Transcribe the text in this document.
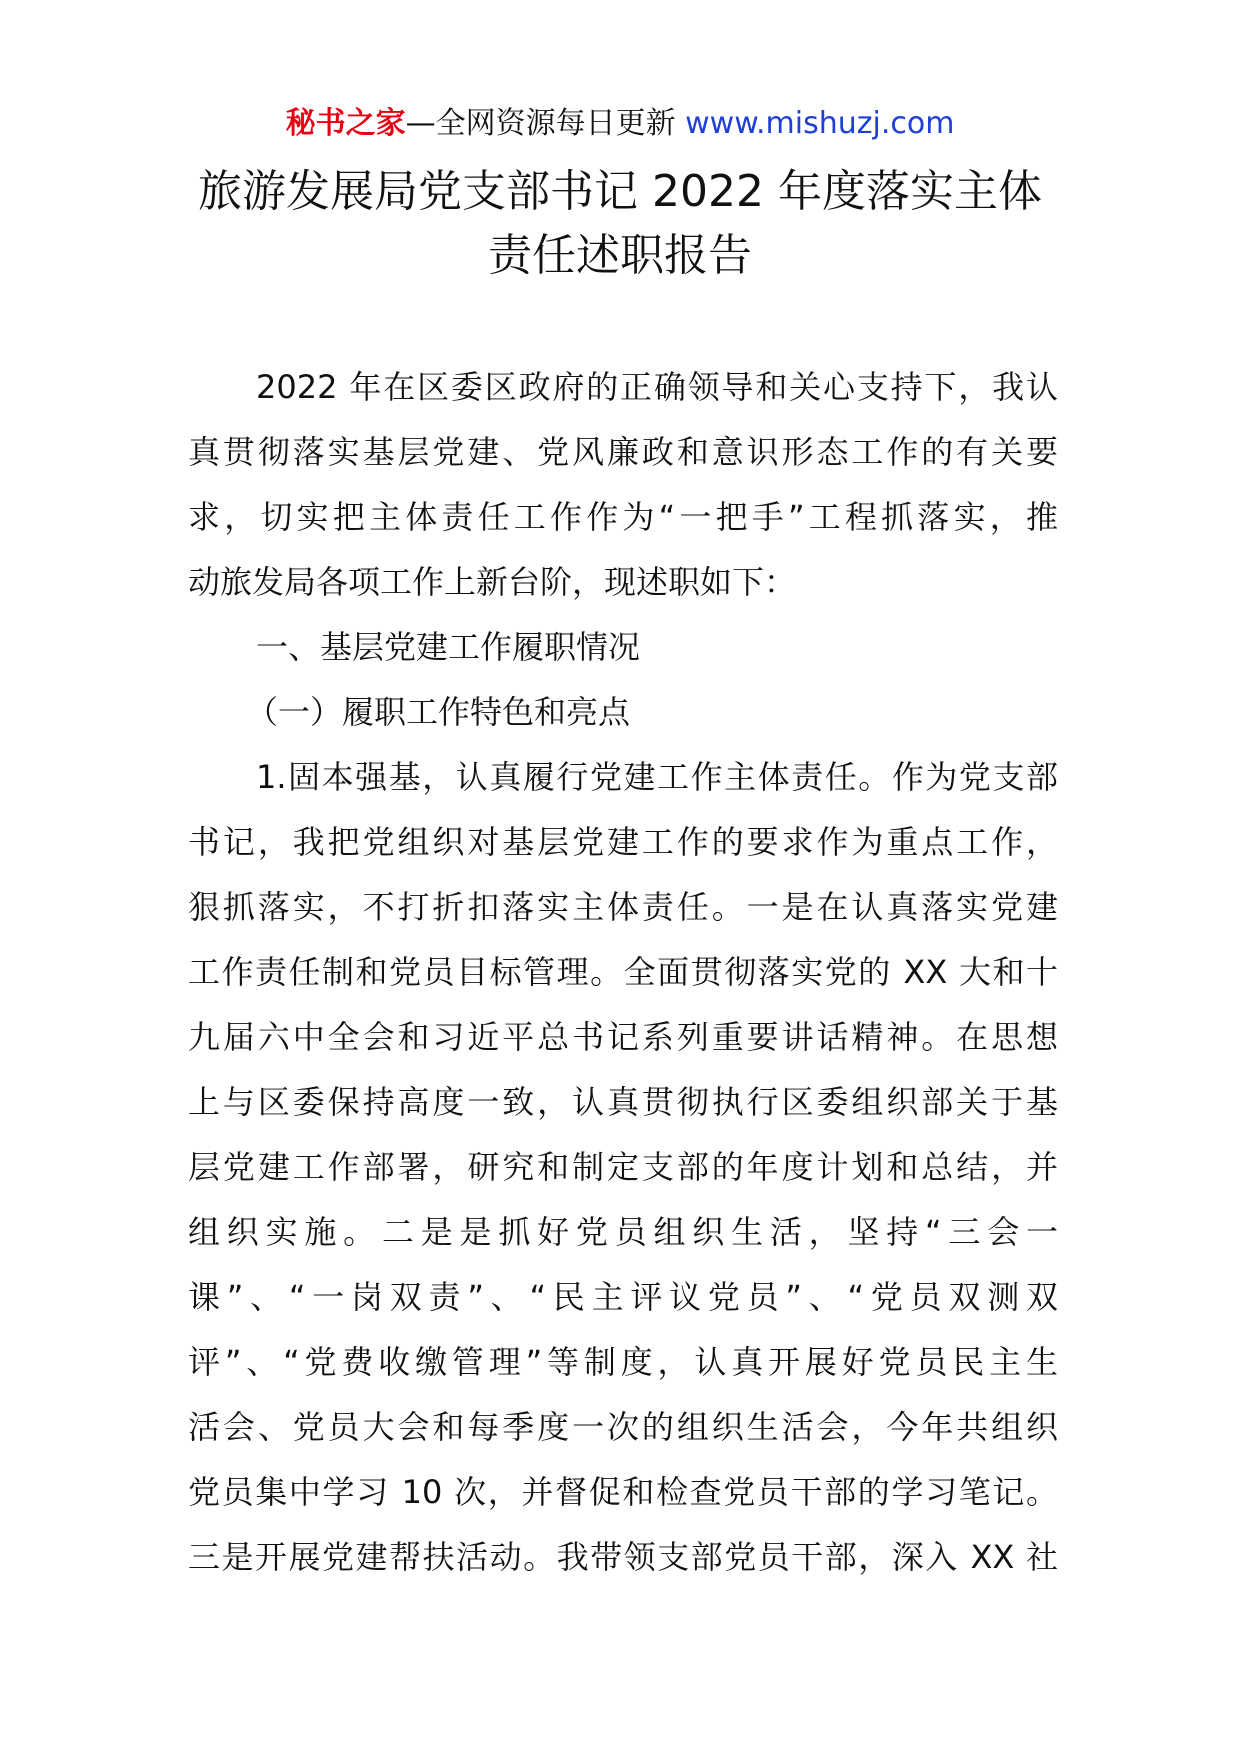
秘书之家—全网资源每日更新 www.mishuzj.com
旅游发展局党支部书记 2022 年度落实主体
责任述职报告
2022 年在区委区政府的正确领导和关心支持下，我认
真贯彻落实基层党建、党风廉政和意识形态工作的有关要
求，切实把主体责任工作作为“一把手”工程抓落实，推
动旅发局各项工作上新台阶，现述职如下：
一、基层党建工作履职情况
（一）履职工作特色和亮点
1.固本强基，认真履行党建工作主体责任。作为党支部
书记，我把党组织对基层党建工作的要求作为重点工作，
狠抓落实，不打折扣落实主体责任。一是在认真落实党建
工作责任制和党员目标管理。全面贯彻落实党的 XX 大和十
九届六中全会和习近平总书记系列重要讲话精神。在思想
上与区委保持高度一致，认真贯彻执行区委组织部关于基
层党建工作部署，研究和制定支部的年度计划和总结，并
组织实施。二是是抓好党员组织生活，坚持“三会一
课”、“一岗双责”、“民主评议党员”、“党员双测双
评”、“党费收缴管理”等制度，认真开展好党员民主生
活会、党员大会和每季度一次的组织生活会，今年共组织
党员集中学习 10 次，并督促和检查党员干部的学习笔记。
三是开展党建帮扶活动。我带领支部党员干部，深入 XX 社
